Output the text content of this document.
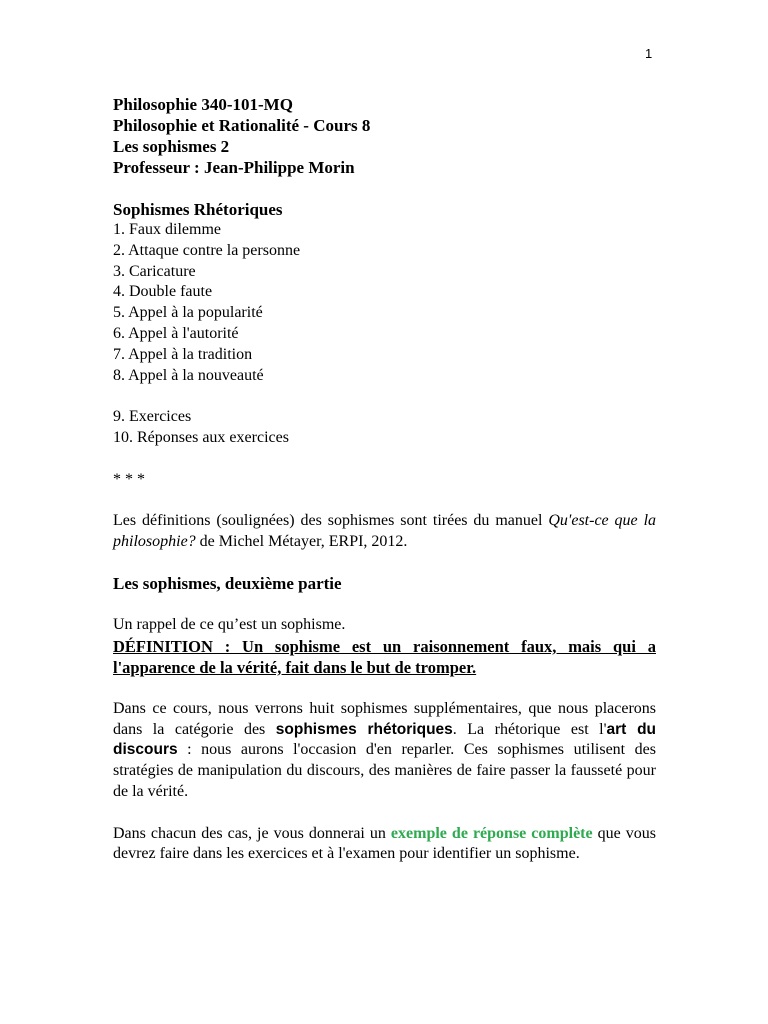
1
Philosophie 340-101-MQ
Philosophie et Rationalité - Cours 8
Les sophismes 2
Professeur : Jean-Philippe Morin
Sophismes Rhétoriques
1. Faux dilemme
2. Attaque contre la personne
3. Caricature
4. Double faute
5. Appel à la popularité
6. Appel à l'autorité
7. Appel à la tradition
8. Appel à la nouveauté
9. Exercices
10. Réponses aux exercices
* * *

Les définitions (soulignées) des sophismes sont tirées du manuel Qu'est-ce que la philosophie? de Michel Métayer, ERPI, 2012.

Les sophismes, deuxième partie
Un rappel de ce qu’est un sophisme.
DÉFINITION : Un sophisme est un raisonnement faux, mais qui a l'apparence de la vérité, fait dans le but de tromper.

Dans ce cours, nous verrons huit sophismes supplémentaires, que nous placerons dans la catégorie des sophismes rhétoriques. La rhétorique est l'art du discours : nous aurons l'occasion d'en reparler. Ces sophismes utilisent des stratégies de manipulation du discours, des manières de faire passer la fausseté pour de la vérité.

Dans chacun des cas, je vous donnerai un exemple de réponse complète que vous devrez faire dans les exercices et à l'examen pour identifier un sophisme.
